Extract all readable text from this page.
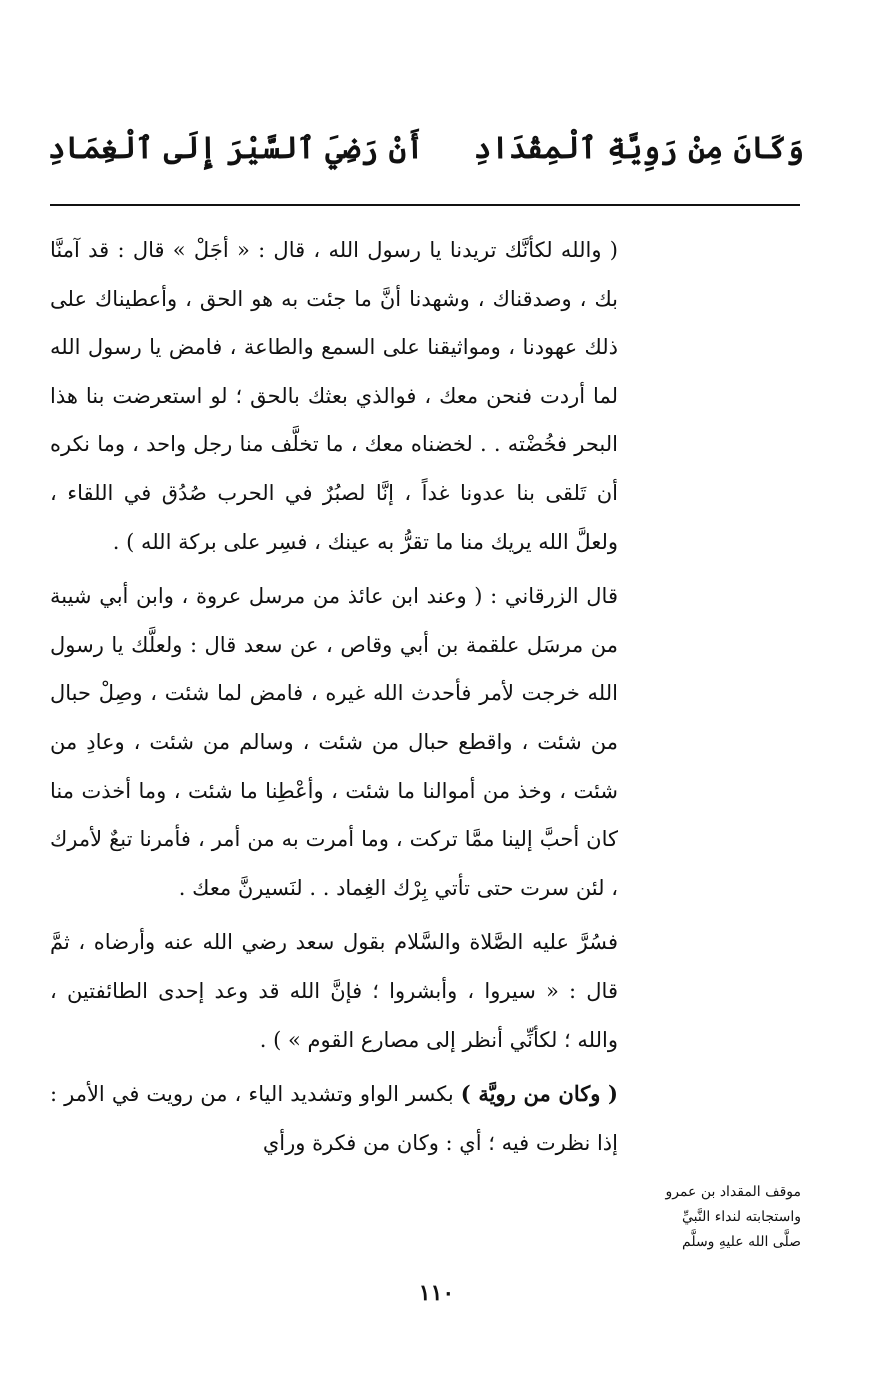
وَكَانَ مِنْ رَوِيَّةِ ٱلْمِقْدَادِ
أَنْ رَضِيَ ٱلسَّيْرَ إِلَى ٱلْغِمَادِ

( والله لكأنَّك تريدنا يا رسول الله ، قال : « أجَلْ » قال : قد آمنَّا بك ، وصدقناك ، وشهدنا أنَّ ما جئت به هو الحق ، وأعطيناك على ذلك عهودنا ، ومواثيقنا على السمع والطاعة ، فامض يا رسول الله لما أردت فنحن معك ، فوالذي بعثك بالحق ؛ لو استعرضت بنا هذا البحر فخُضْته . . لخضناه معك ، ما تخلَّف منا رجل واحد ، وما نكره أن تَلقى بنا عدونا غداً ، إنَّا لصبُرٌ في الحرب صُدُق في اللقاء ، ولعلَّ الله يريك منا ما تقرُّ به عينك ، فسِر على بركة الله ) .

قال الزرقاني : ( وعند ابن عائذ من مرسل عروة ، وابن أبي شيبة من مرسَل علقمة بن أبي وقاص ، عن سعد قال : ولعلَّك يا رسول الله خرجت لأمر فأحدث الله غيره ، فامض لما شئت ، وصِلْ حبال من شئت ، واقطع حبال من شئت ، وسالم من شئت ، وعادِ من شئت ، وخذ من أموالنا ما شئت ، وأعْطِنا ما شئت ، وما أخذت منا كان أحبَّ إلينا ممَّا تركت ، وما أمرت به من أمر ، فأمرنا تبعٌ لأمرك ، لئن سرت حتى تأتي بِرْك الغِماد . . لنَسيرنَّ معك .

فسُرَّ عليه الصَّلاة والسَّلام بقول سعد رضي الله عنه وأرضاه ، ثمَّ قال : « سيروا ، وأبشروا ؛ فإنَّ الله قد وعد إحدى الطائفتين ، والله ؛ لكأنِّي أنظر إلى مصارع القوم » ) .

( وكان من رويَّة ) بكسر الواو وتشديد الياء ، من رويت في الأمر : إذا نظرت فيه ؛ أي : وكان من فكرة ورأي

موقف المقداد بن عمرو
واستجابته لنداء النَّبيِّ
صلَّى الله عليهِ وسلَّم
١١٠
